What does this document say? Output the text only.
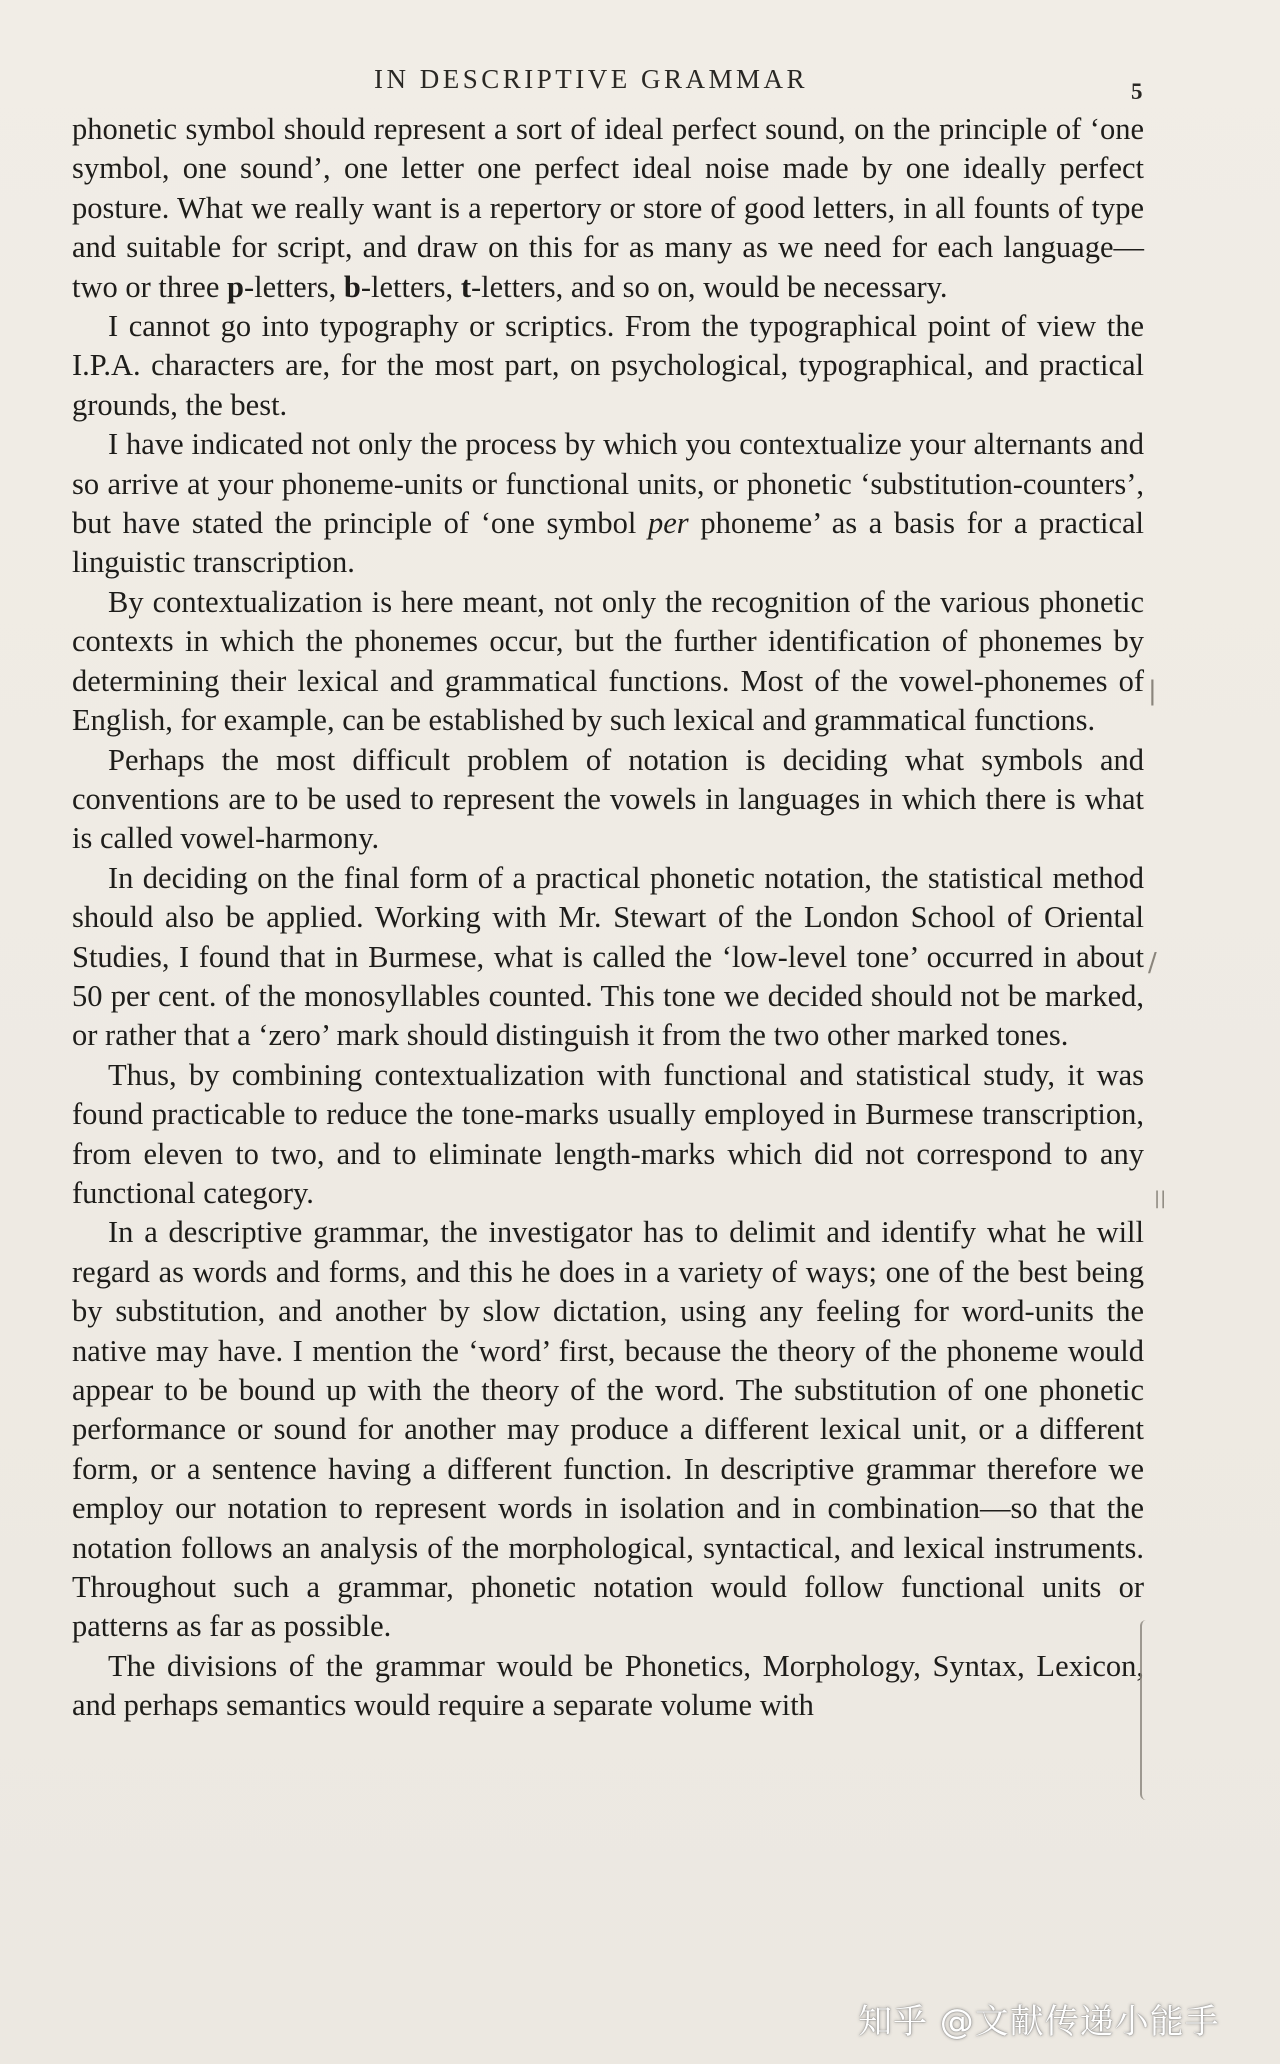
IN DESCRIPTIVE GRAMMAR	5

phonetic symbol should represent a sort of ideal perfect sound, on the principle of ‘one symbol, one sound’, one letter one perfect ideal noise made by one ideally perfect posture. What we really want is a repertory or store of good letters, in all founts of type and suitable for script, and draw on this for as many as we need for each language—two or three p-letters, b-letters, t-letters, and so on, would be necessary.

I cannot go into typography or scriptics. From the typographical point of view the I.P.A. characters are, for the most part, on psychological, typographical, and practical grounds, the best.

I have indicated not only the process by which you contextualize your alternants and so arrive at your phoneme-units or functional units, or phonetic ‘substitution-counters’, but have stated the principle of ‘one symbol per phoneme’ as a basis for a practical linguistic transcription.

By contextualization is here meant, not only the recognition of the various phonetic contexts in which the phonemes occur, but the further identification of phonemes by determining their lexical and grammatical functions. Most of the vowel-phonemes of English, for example, can be established by such lexical and grammatical functions.

Perhaps the most difficult problem of notation is deciding what symbols and conventions are to be used to represent the vowels in languages in which there is what is called vowel-harmony.

In deciding on the final form of a practical phonetic notation, the statistical method should also be applied. Working with Mr. Stewart of the London School of Oriental Studies, I found that in Burmese, what is called the ‘low-level tone’ occurred in about 50 per cent. of the monosyllables counted. This tone we decided should not be marked, or rather that a ‘zero’ mark should distinguish it from the two other marked tones.

Thus, by combining contextualization with functional and statistical study, it was found practicable to reduce the tone-marks usually employed in Burmese transcription, from eleven to two, and to eliminate length-marks which did not correspond to any functional category.

In a descriptive grammar, the investigator has to delimit and identify what he will regard as words and forms, and this he does in a variety of ways; one of the best being by substitution, and another by slow dictation, using any feeling for word-units the native may have. I mention the ‘word’ first, because the theory of the phoneme would appear to be bound up with the theory of the word. The substitution of one phonetic performance or sound for another may produce a different lexical unit, or a different form, or a sentence having a different function. In descriptive grammar therefore we employ our notation to represent words in isolation and in combination—so that the notation follows an analysis of the morphological, syntactical, and lexical instruments. Throughout such a grammar, phonetic notation would follow functional units or patterns as far as possible.

The divisions of the grammar would be Phonetics, Morphology, Syntax, Lexicon, and perhaps semantics would require a separate volume with

|
/
||
知乎 @文献传递小能手
